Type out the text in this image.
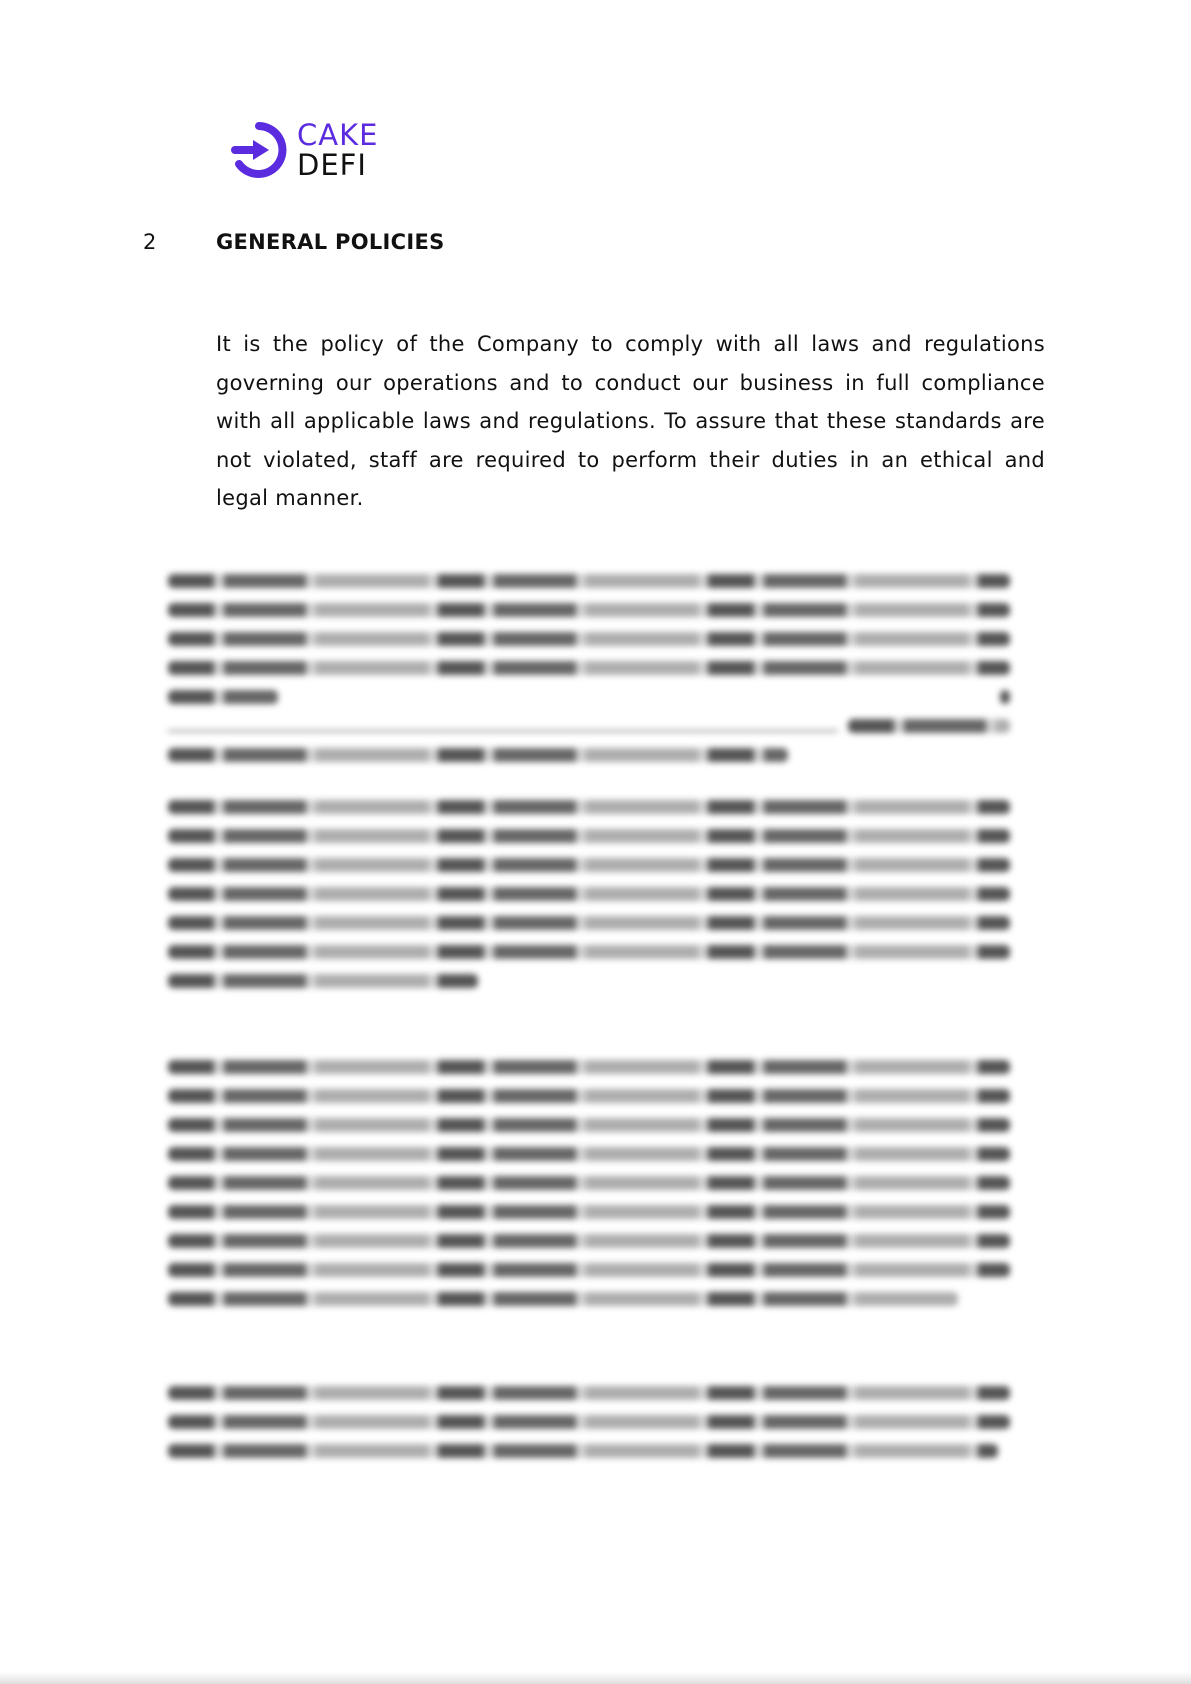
CAKE
DEFI
2	GENERAL POLICIES

It is the policy of the Company to comply with all laws and regulations governing our operations and to conduct our business in full compliance with all applicable laws and regulations. To assure that these standards are not violated, staff are required to perform their duties in an ethical and legal manner.
